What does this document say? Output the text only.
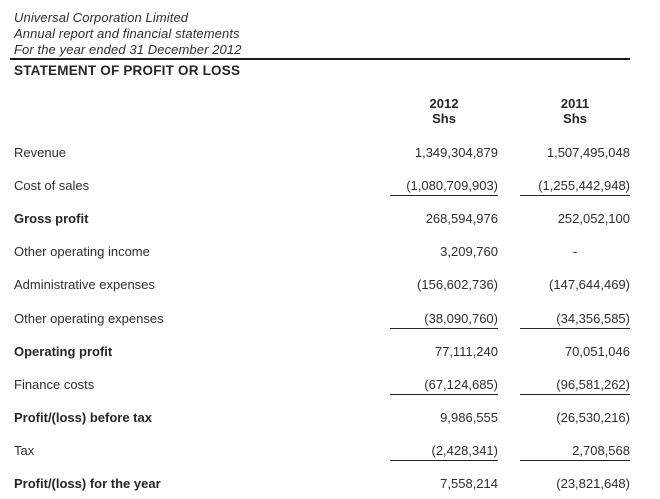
Universal Corporation Limited
Annual report and financial statements
For the year ended 31 December 2012
STATEMENT OF PROFIT OR LOSS
2012
Shs
2011
Shs
Revenue	1,349,304,879	1,507,495,048
Cost of sales	(1,080,709,903)	(1,255,442,948)
Gross profit	268,594,976	252,052,100
Other operating income	3,209,760	-
Administrative expenses	(156,602,736)	(147,644,469)
Other operating expenses	(38,090,760)	(34,356,585)
Operating profit	77,111,240	70,051,046
Finance costs	(67,124,685)	(96,581,262)
Profit/(loss) before tax	9,986,555	(26,530,216)
Tax	(2,428,341)	2,708,568
Profit/(loss) for the year	7,558,214	(23,821,648)
